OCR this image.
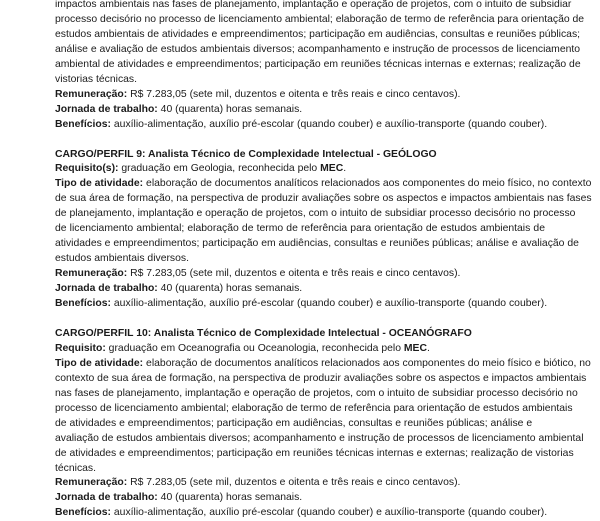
impactos ambientais nas fases de planejamento, implantação e operação de projetos, com o intuito de subsidiar
processo decisório no processo de licenciamento ambiental; elaboração de termo de referência para orientação de
estudos ambientais de atividades e empreendimentos; participação em audiências, consultas e reuniões públicas;
análise e avaliação de estudos ambientais diversos; acompanhamento e instrução de processos de licenciamento
ambiental de atividades e empreendimentos; participação em reuniões técnicas internas e externas; realização de
vistorias técnicas.
Remuneração: R$ 7.283,05 (sete mil, duzentos e oitenta e três reais e cinco centavos).
Jornada de trabalho: 40 (quarenta) horas semanais.
Benefícios: auxílio-alimentação, auxílio pré-escolar (quando couber) e auxílio-transporte (quando couber).
CARGO/PERFIL 9: Analista Técnico de Complexidade Intelectual - GEÓLOGO
Requisito(s): graduação em Geologia, reconhecida pelo MEC.
Tipo de atividade: elaboração de documentos analíticos relacionados aos componentes do meio físico, no contexto
de sua área de formação, na perspectiva de produzir avaliações sobre os aspectos e impactos ambientais nas fases
de planejamento, implantação e operação de projetos, com o intuito de subsidiar processo decisório no processo
de licenciamento ambiental; elaboração de termo de referência para orientação de estudos ambientais de
atividades e empreendimentos; participação em audiências, consultas e reuniões públicas; análise e avaliação de
estudos ambientais diversos.
Remuneração: R$ 7.283,05 (sete mil, duzentos e oitenta e três reais e cinco centavos).
Jornada de trabalho: 40 (quarenta) horas semanais.
Benefícios: auxílio-alimentação, auxílio pré-escolar (quando couber) e auxílio-transporte (quando couber).
CARGO/PERFIL 10: Analista Técnico de Complexidade Intelectual - OCEANÓGRAFO
Requisito: graduação em Oceanografia ou Oceanologia, reconhecida pelo MEC.
Tipo de atividade: elaboração de documentos analíticos relacionados aos componentes do meio físico e biótico, no
contexto de sua área de formação, na perspectiva de produzir avaliações sobre os aspectos e impactos ambientais
nas fases de planejamento, implantação e operação de projetos, com o intuito de subsidiar processo decisório no
processo de licenciamento ambiental; elaboração de termo de referência para orientação de estudos ambientais
de atividades e empreendimentos; participação em audiências, consultas e reuniões públicas; análise e
avaliação de estudos ambientais diversos; acompanhamento e instrução de processos de licenciamento ambiental
de atividades e empreendimentos; participação em reuniões técnicas internas e externas; realização de vistorias
técnicas.
Remuneração: R$ 7.283,05 (sete mil, duzentos e oitenta e três reais e cinco centavos).
Jornada de trabalho: 40 (quarenta) horas semanais.
Benefícios: auxílio-alimentação, auxílio pré-escolar (quando couber) e auxílio-transporte (quando couber).
